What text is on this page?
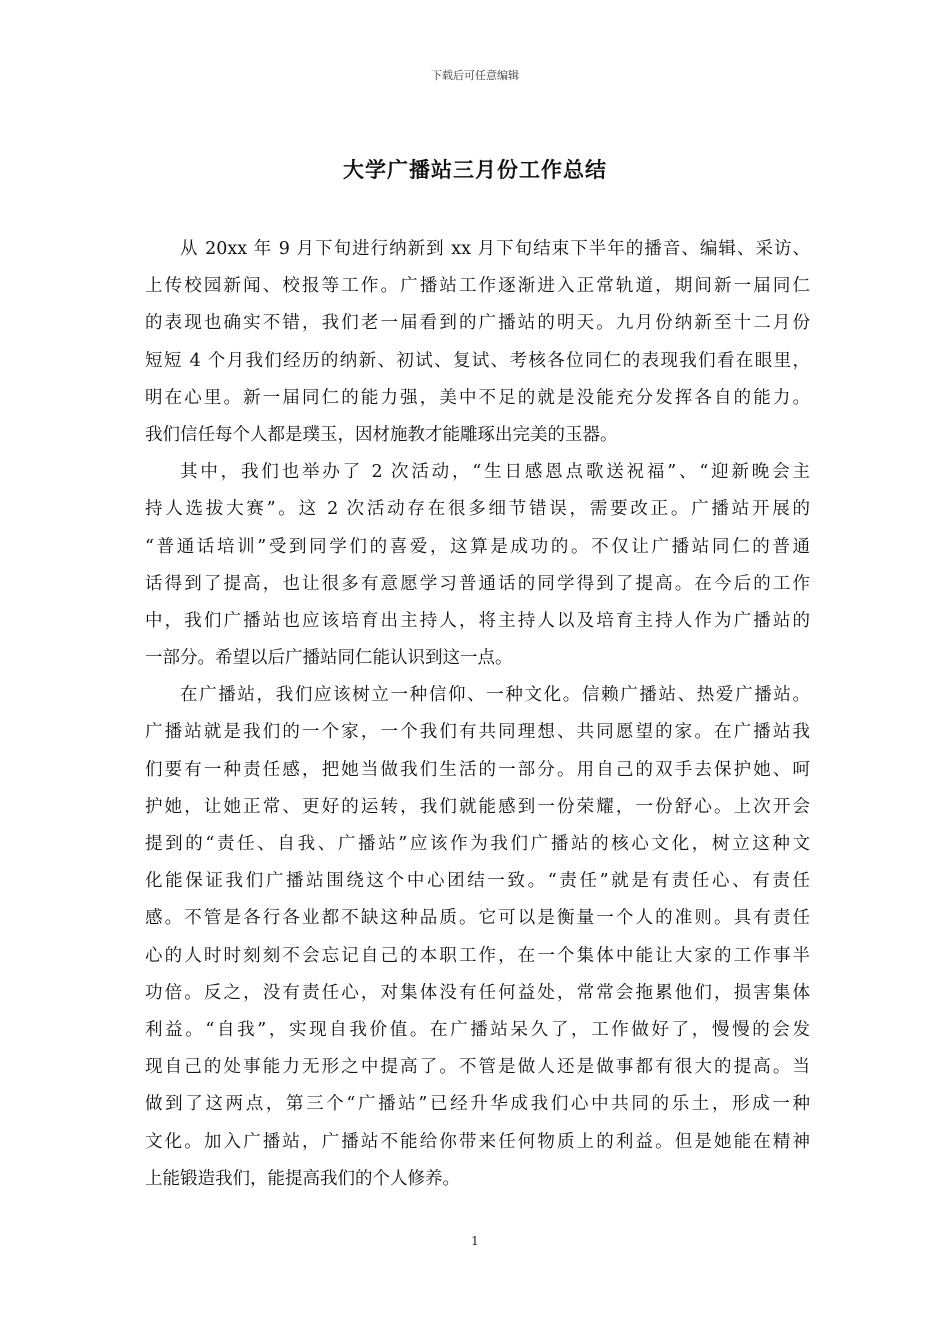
下载后可任意编辑
大学广播站三月份工作总结
从 20xx 年 9 月下旬进行纳新到 xx 月下旬结束下半年的播音、编辑、采访、
上传校园新闻、校报等工作。广播站工作逐渐进入正常轨道，期间新一届同仁
的表现也确实不错，我们老一届看到的广播站的明天。九月份纳新至十二月份
短短 4 个月我们经历的纳新、初试、复试、考核各位同仁的表现我们看在眼里，
明在心里。新一届同仁的能力强，美中不足的就是没能充分发挥各自的能力。
我们信任每个人都是璞玉，因材施教才能雕琢出完美的玉器。
其中，我们也举办了 2 次活动，“生日感恩点歌送祝福”、“迎新晚会主
持人选拔大赛”。这 2 次活动存在很多细节错误，需要改正。广播站开展的
“普通话培训”受到同学们的喜爱，这算是成功的。不仅让广播站同仁的普通
话得到了提高，也让很多有意愿学习普通话的同学得到了提高。在今后的工作
中，我们广播站也应该培育出主持人，将主持人以及培育主持人作为广播站的
一部分。希望以后广播站同仁能认识到这一点。
在广播站，我们应该树立一种信仰、一种文化。信赖广播站、热爱广播站。
广播站就是我们的一个家，一个我们有共同理想、共同愿望的家。在广播站我
们要有一种责任感，把她当做我们生活的一部分。用自己的双手去保护她、呵
护她，让她正常、更好的运转，我们就能感到一份荣耀，一份舒心。上次开会
提到的“责任、自我、广播站”应该作为我们广播站的核心文化，树立这种文
化能保证我们广播站围绕这个中心团结一致。“责任”就是有责任心、有责任
感。不管是各行各业都不缺这种品质。它可以是衡量一个人的准则。具有责任
心的人时时刻刻不会忘记自己的本职工作，在一个集体中能让大家的工作事半
功倍。反之，没有责任心，对集体没有任何益处，常常会拖累他们，损害集体
利益。“自我”，实现自我价值。在广播站呆久了，工作做好了，慢慢的会发
现自己的处事能力无形之中提高了。不管是做人还是做事都有很大的提高。当
做到了这两点，第三个“广播站”已经升华成我们心中共同的乐土，形成一种
文化。加入广播站，广播站不能给你带来任何物质上的利益。但是她能在精神
上能锻造我们，能提高我们的个人修养。
1
